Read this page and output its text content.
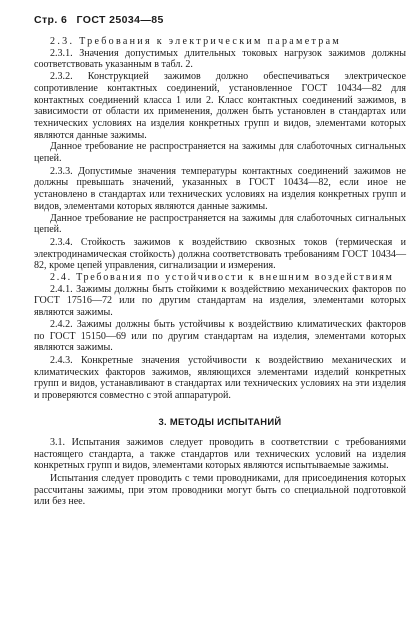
Стр. 6 ГОСТ 25034—85

2.3. Требования к электрическим параметрам

2.3.1. Значения допустимых длительных токовых нагрузок зажимов должны соответствовать указанным в табл. 2.

2.3.2. Конструкцией зажимов должно обеспечиваться электрическое сопротивление контактных соединений, установленное ГОСТ 10434—82 для контактных соединений класса 1 или 2. Класс контактных соединений зажимов, в зависимости от области их применения, должен быть установлен в стандартах или технических условиях на изделия конкретных групп и видов, элементами которых являются данные зажимы.

Данное требование не распространяется на зажимы для слаботочных сигнальных цепей.

2.3.3. Допустимые значения температуры контактных соединений зажимов не должны превышать значений, указанных в ГОСТ 10434—82, если иное не установлено в стандартах или технических условиях на изделия конкретных групп и видов, элементами которых являются данные зажимы.

Данное требование не распространяется на зажимы для слаботочных сигнальных цепей.

2.3.4. Стойкость зажимов к воздействию сквозных токов (термическая и электродинамическая стойкость) должна соответствовать требованиям ГОСТ 10434—82, кроме цепей управления, сигнализации и измерения.

2.4. Требования по устойчивости к внешним воздействиям

2.4.1. Зажимы должны быть стойкими к воздействию механических факторов по ГОСТ 17516—72 или по другим стандартам на изделия, элементами которых являются зажимы.

2.4.2. Зажимы должны быть устойчивы к воздействию климатических факторов по ГОСТ 15150—69 или по другим стандартам на изделия, элементами которых являются зажимы.

2.4.3. Конкретные значения устойчивости к воздействию механических и климатических факторов зажимов, являющихся элементами изделий конкретных групп и видов, устанавливают в стандартах или технических условиях на эти изделия и проверяются совместно с этой аппаратурой.

3. МЕТОДЫ ИСПЫТАНИЙ

3.1. Испытания зажимов следует проводить в соответствии с требованиями настоящего стандарта, а также стандартов или технических условий на изделия конкретных групп и видов, элементами которых являются испытываемые зажимы.

Испытания следует проводить с теми проводниками, для присоединения которых рассчитаны зажимы, при этом проводники могут быть со специальной подготовкой или без нее.
